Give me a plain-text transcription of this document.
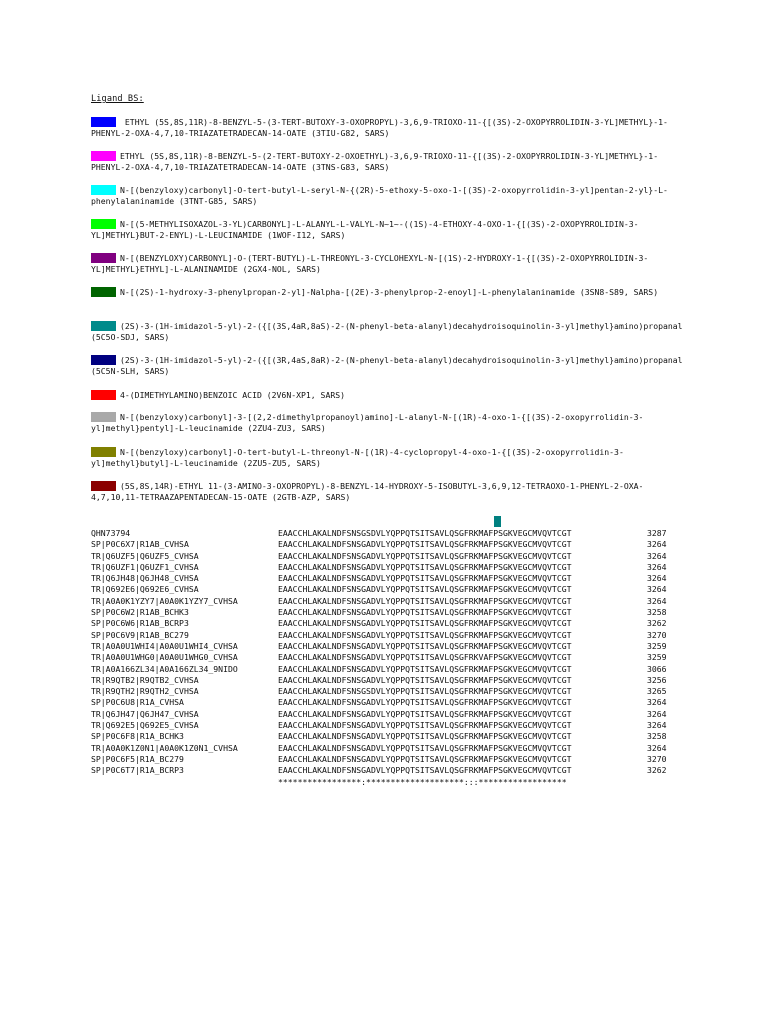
Ligand BS:

ETHYL (5S,8S,11R)-8-BENZYL-5-(3-TERT-BUTOXY-3-OXOPROPYL)-3,6,9-TRIOXO-11-{[(3S)-2-OXOPYRROLIDIN-3-YL]METHYL}-1-PHENYL-2-OXA-4,7,10-TRIAZATETRADECAN-14-OATE (3TIU-G82, SARS)

ETHYL (5S,8S,11R)-8-BENZYL-5-(2-TERT-BUTOXY-2-OXOETHYL)-3,6,9-TRIOXO-11-{[(3S)-2-OXOPYRROLIDIN-3-YL]METHYL}-1-PHENYL-2-OXA-4,7,10-TRIAZATETRADECAN-14-OATE (3TNS-G83, SARS)

N-[(benzyloxy)carbonyl]-O-tert-butyl-L-seryl-N-{(2R)-5-ethoxy-5-oxo-1-[(3S)-2-oxopyrrolidin-3-yl]pentan-2-yl}-L-phenylalaninamide (3TNT-G85, SARS)

N-[(5-METHYLISOXAZOL-3-YL)CARBONYL]-L-ALANYL-L-VALYL-N~1~-((1S)-4-ETHOXY-4-OXO-1-{[(3S)-2-OXOPYRROLIDIN-3-YL]METHYL}BUT-2-ENYL)-L-LEUCINAMIDE (1WOF-I12, SARS)

N-[(BENZYLOXY)CARBONYL]-O-(TERT-BUTYL)-L-THREONYL-3-CYCLOHEXYL-N-[(1S)-2-HYDROXY-1-{[(3S)-2-OXOPYRROLIDIN-3-YL]METHYL}ETHYL]-L-ALANINAMIDE (2GX4-NOL, SARS)

N-[(2S)-1-hydroxy-3-phenylpropan-2-yl]-Nalpha-[(2E)-3-phenylprop-2-enoyl]-L-phenylalaninamide (3SN8-S89, SARS)

(2S)-3-(1H-imidazol-5-yl)-2-({[(3S,4aR,8aS)-2-(N-phenyl-beta-alanyl)decahydroisoquinolin-3-yl]methyl}amino)propanal (5C5O-SDJ, SARS)

(2S)-3-(1H-imidazol-5-yl)-2-({[(3R,4aS,8aR)-2-(N-phenyl-beta-alanyl)decahydroisoquinolin-3-yl]methyl}amino)propanal (5C5N-SLH, SARS)

4-(DIMETHYLAMINO)BENZOIC ACID (2V6N-XP1, SARS)

N-[(benzyloxy)carbonyl]-3-[(2,2-dimethylpropanoyl)amino]-L-alanyl-N-[(1R)-4-oxo-1-{[(3S)-2-oxopyrrolidin-3-yl]methyl}pentyl]-L-leucinamide (2ZU4-ZU3, SARS)

N-[(benzyloxy)carbonyl]-O-tert-butyl-L-threonyl-N-[(1R)-4-cyclopropyl-4-oxo-1-{[(3S)-2-oxopyrrolidin-3-yl]methyl}butyl]-L-leucinamide (2ZU5-ZU5, SARS)

(5S,8S,14R)-ETHYL 11-(3-AMINO-3-OXOPROPYL)-8-BENZYL-14-HYDROXY-5-ISOBUTYL-3,6,9,12-TETRAOXO-1-PHENYL-2-OXA-4,7,10,11-TETRAAZAPENTADECAN-15-OATE (2GTB-AZP, SARS)

QHN73794	EAACCHLAKALNDFSNSGSDVLYQPPQTSITSAVLQSGFRKMAFPSGKVEGCMVQVTCGT	3287
SP|P0C6X7|R1AB_CVHSA	EAACCHLAKALNDFSNSGADVLYQPPQTSITSAVLQSGFRKMAFPSGKVEGCMVQVTCGT	3264
TR|Q6UZF5|Q6UZF5_CVHSA	EAACCHLAKALNDFSNSGADVLYQPPQTSITSAVLQSGFRKMAFPSGKVEGCMVQVTCGT	3264
TR|Q6UZF1|Q6UZF1_CVHSA	EAACCHLAKALNDFSNSGADVLYQPPQTSITSAVLQSGFRKMAFPSGKVEGCMVQVTCGT	3264
TR|Q6JH48|Q6JH48_CVHSA	EAACCHLAKALNDFSNSGADVLYQPPQTSITSAVLQSGFRKMAFPSGKVEGCMVQVTCGT	3264
TR|Q692E6|Q692E6_CVHSA	EAACCHLAKALNDFSNSGADVLYQPPQTSITSAVLQSGFRKMAFPSGKVEGCMVQVTCGT	3264
TR|A0A0K1YZY7|A0A0K1YZY7_CVHSA	EAACCHLAKALNDFSNSGADVLYQPPQTSITSAVLQSGFRKMAFPSGKVEGCMVQVTCGT	3264
SP|P0C6W2|R1AB_BCHK3	EAACCHLAKALNDFSNSGADVLYQPPQTSITSAVLQSGFRKMAFPSGKVEGCMVQVTCGT	3258
SP|P0C6W6|R1AB_BCRP3	EAACCHLAKALNDFSNSGADVLYQPPQTSITSAVLQSGFRKMAFPSGKVEGCMVQVTCGT	3262
SP|P0C6V9|R1AB_BC279	EAACCHLAKALNDFSNSGADVLYQPPQTSITSAVLQSGFRKMAFPSGKVEGCMVQVTCGT	3270
TR|A0A0U1WHI4|A0A0U1WHI4_CVHSA	EAACCHLAKALNDFSNSGADVLYQPPQTSITSAVLQSGFRKMAFPSGKVEGCMVQVTCGT	3259
TR|A0A0U1WHG0|A0A0U1WHG0_CVHSA	EAACCHLAKALNDFSNSGADVLYQPPQTSITSAVLQSGFRKVAFPSGKVEGCMVQVTCGT	3259
TR|A0A166ZL34|A0A166ZL34_9NIDO	EAACCHLAKALNDFSNSGADVLYQPPQTSITSAVLQSGFRKMAFPSGKVEGCMVQVTCGT	3066
TR|R9QTB2|R9QTB2_CVHSA	EAACCHLAKALNDFSNSGADVLYQPPQTSITSAVLQSGFRKMAFPSGKVEGCMVQVTCGT	3256
TR|R9QTH2|R9QTH2_CVHSA	EAACCHLAKALNDFSNSGSDVLYQPPQTSITSAVLQSGFRKMAFPSGKVEGCMVQVTCGT	3265
SP|P0C6U8|R1A_CVHSA	EAACCHLAKALNDFSNSGADVLYQPPQTSITSAVLQSGFRKMAFPSGKVEGCMVQVTCGT	3264
TR|Q6JH47|Q6JH47_CVHSA	EAACCHLAKALNDFSNSGADVLYQPPQTSITSAVLQSGFRKMAFPSGKVEGCMVQVTCGT	3264
TR|Q692E5|Q692E5_CVHSA	EAACCHLAKALNDFSNSGADVLYQPPQTSITSAVLQSGFRKMAFPSGKVEGCMVQVTCGT	3264
SP|P0C6F8|R1A_BCHK3	EAACCHLAKALNDFSNSGADVLYQPPQTSITSAVLQSGFRKMAFPSGKVEGCMVQVTCGT	3258
TR|A0A0K1Z0N1|A0A0K1Z0N1_CVHSA	EAACCHLAKALNDFSNSGADVLYQPPQTSITSAVLQSGFRKMAFPSGKVEGCMVQVTCGT	3264
SP|P0C6F5|R1A_BC279	EAACCHLAKALNDFSNSGADVLYQPPQTSITSAVLQSGFRKMAFPSGKVEGCMVQVTCGT	3270
SP|P0C6T7|R1A_BCRP3	EAACCHLAKALNDFSNSGADVLYQPPQTSITSAVLQSGFRKMAFPSGKVEGCMVQVTCGT	3262
*****************:********************:::******************
